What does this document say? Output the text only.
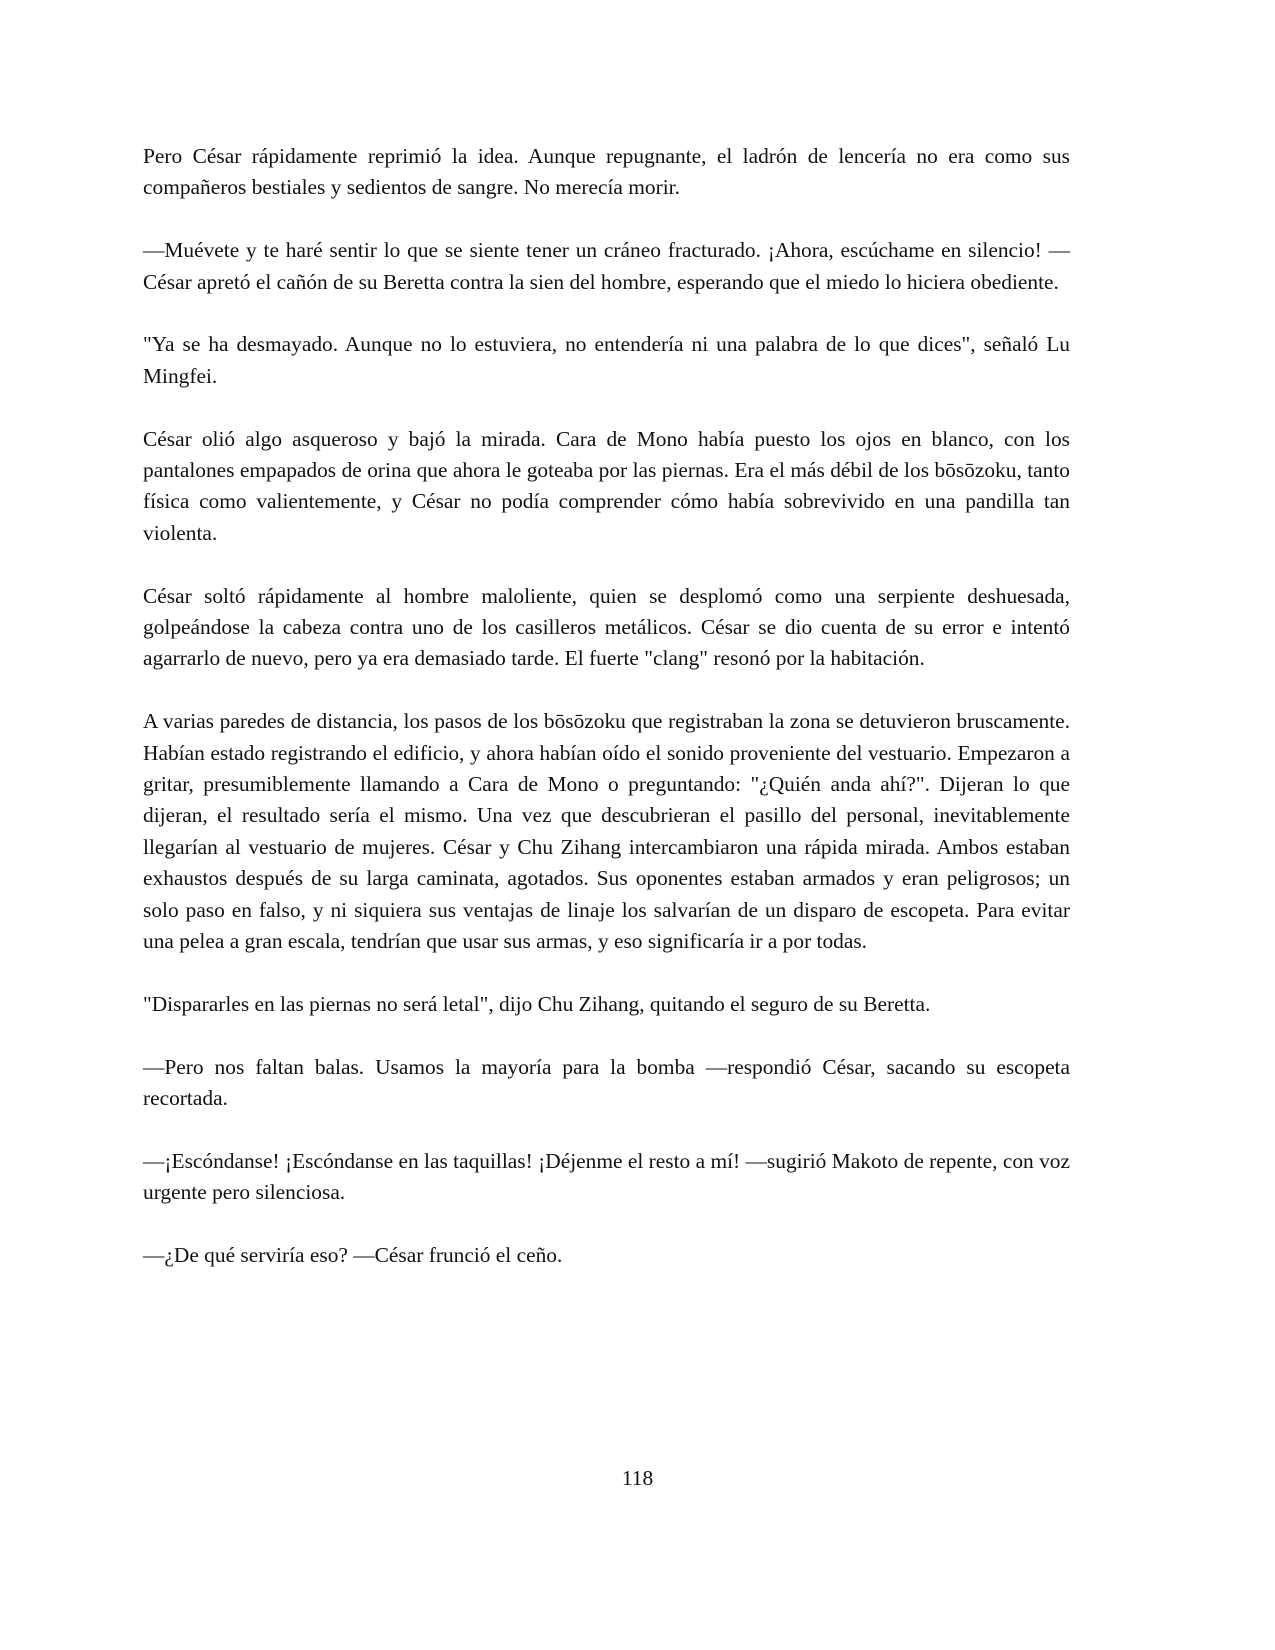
Pero César rápidamente reprimió la idea. Aunque repugnante, el ladrón de lencería no era como sus compañeros bestiales y sedientos de sangre. No merecía morir.

—Muévete y te haré sentir lo que se siente tener un cráneo fracturado. ¡Ahora, escúchame en silencio! —César apretó el cañón de su Beretta contra la sien del hombre, esperando que el miedo lo hiciera obediente.

"Ya se ha desmayado. Aunque no lo estuviera, no entendería ni una palabra de lo que dices", señaló Lu Mingfei.

César olió algo asqueroso y bajó la mirada. Cara de Mono había puesto los ojos en blanco, con los pantalones empapados de orina que ahora le goteaba por las piernas. Era el más débil de los bōsōzoku, tanto física como valientemente, y César no podía comprender cómo había sobrevivido en una pandilla tan violenta.

César soltó rápidamente al hombre maloliente, quien se desplomó como una serpiente deshuesada, golpeándose la cabeza contra uno de los casilleros metálicos. César se dio cuenta de su error e intentó agarrarlo de nuevo, pero ya era demasiado tarde. El fuerte "clang" resonó por la habitación.

A varias paredes de distancia, los pasos de los bōsōzoku que registraban la zona se detuvieron bruscamente. Habían estado registrando el edificio, y ahora habían oído el sonido proveniente del vestuario. Empezaron a gritar, presumiblemente llamando a Cara de Mono o preguntando: "¿Quién anda ahí?". Dijeran lo que dijeran, el resultado sería el mismo. Una vez que descubrieran el pasillo del personal, inevitablemente llegarían al vestuario de mujeres. César y Chu Zihang intercambiaron una rápida mirada. Ambos estaban exhaustos después de su larga caminata, agotados. Sus oponentes estaban armados y eran peligrosos; un solo paso en falso, y ni siquiera sus ventajas de linaje los salvarían de un disparo de escopeta. Para evitar una pelea a gran escala, tendrían que usar sus armas, y eso significaría ir a por todas.

"Dispararles en las piernas no será letal", dijo Chu Zihang, quitando el seguro de su Beretta.

—Pero nos faltan balas. Usamos la mayoría para la bomba —respondió César, sacando su escopeta recortada.

—¡Escóndanse! ¡Escóndanse en las taquillas! ¡Déjenme el resto a mí! —sugirió Makoto de repente, con voz urgente pero silenciosa.

—¿De qué serviría eso? —César frunció el ceño.

118
